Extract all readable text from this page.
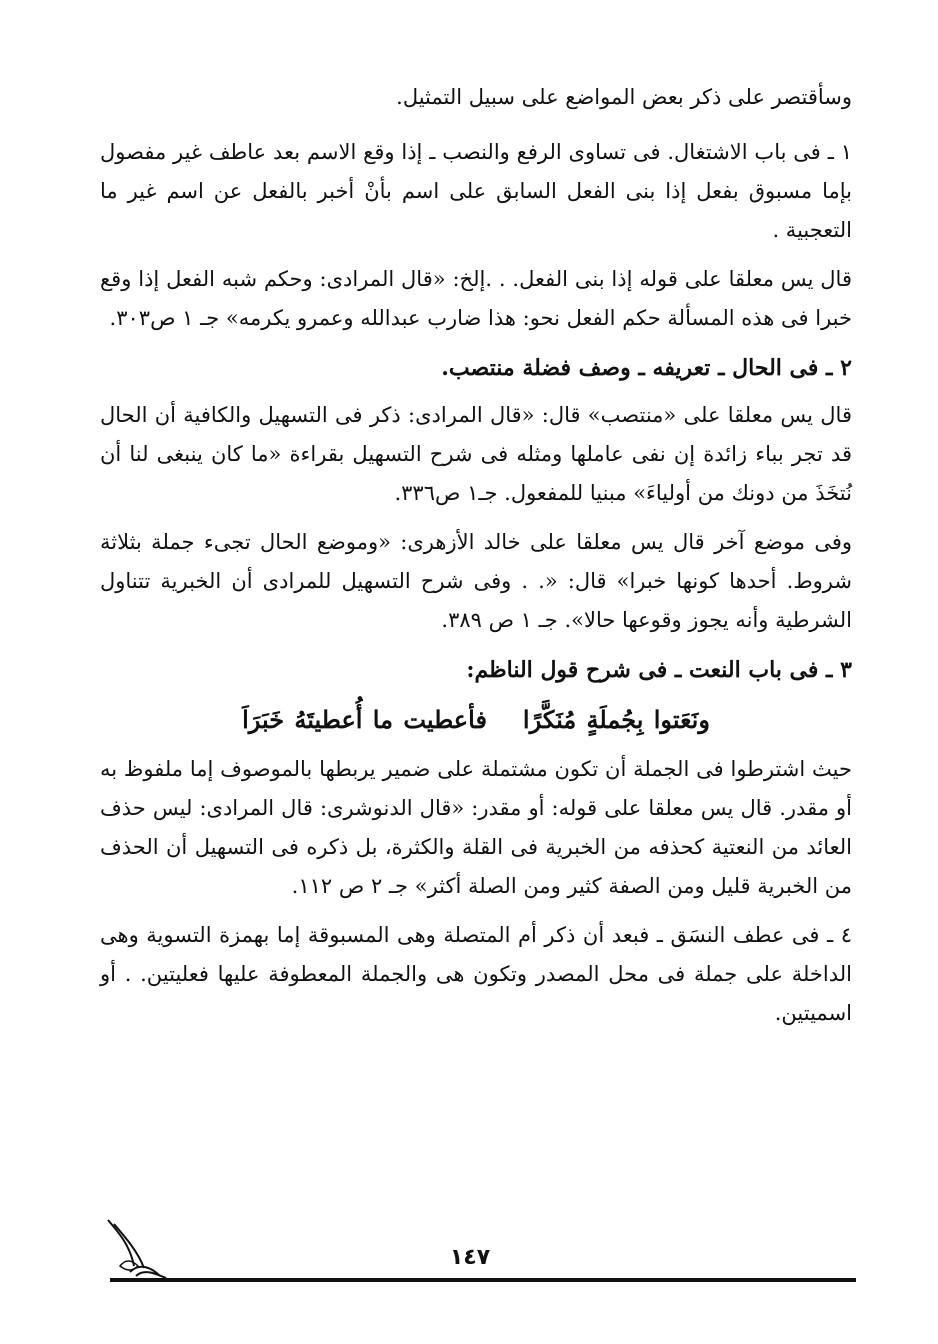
وسأقتصر على ذكر بعض المواضع على سبيل التمثيل.

١ ـ فى باب الاشتغال. فى تساوى الرفع والنصب ـ إذا وقع الاسم بعد عاطف غير مفصول بإما مسبوق بفعل إذا بنى الفعل السابق على اسم بأنْ أخبر بالفعل عن اسم غير ما التعجبية .

قال يس معلقا على قوله إذا بنى الفعل. . .إلخ: «قال المرادى: وحكم شبه الفعل إذا وقع خبرا فى هذه المسألة حكم الفعل نحو: هذا ضارب عبدالله وعمرو يكرمه» جـ ١ ص٣٠٣.

٢ ـ فى الحال ـ تعريفه ـ وصف فضلة منتصب.

قال يس معلقا على «منتصب» قال: «قال المرادى: ذكر فى التسهيل والكافية أن الحال قد تجر بباء زائدة إن نفى عاملها ومثله فى شرح التسهيل بقراءة «ما كان ينبغى لنا أن نُتخَذَ من دونك من أولياءَ» مبنيا للمفعول. جـ١ ص٣٣٦.

وفى موضع آخر قال يس معلقا على خالد الأزهرى: «وموضع الحال تجىء جملة بثلاثة شروط. أحدها كونها خبرا» قال: «. . وفى شرح التسهيل للمرادى أن الخبرية تتناول الشرطية وأنه يجوز وقوعها حالا». جـ ١ ص ٣٨٩.

٣ ـ فى باب النعت ـ فى شرح قول الناظم:

ونَعَتوا بِجُملَةٍ مُنَكَّرًافأعطيت ما أُعطيتَهُ خَبَرَاَ

حيث اشترطوا فى الجملة أن تكون مشتملة على ضمير يربطها بالموصوف إما ملفوظ به أو مقدر. قال يس معلقا على قوله: أو مقدر: «قال الدنوشرى: قال المرادى: ليس حذف العائد من النعتية كحذفه من الخبرية فى القلة والكثرة، بل ذكره فى التسهيل أن الحذف من الخبرية قليل ومن الصفة كثير ومن الصلة أكثر» جـ ٢ ص ١١٢.

٤ ـ فى عطف النسَق ـ فبعد أن ذكر أم المتصلة وهى المسبوقة إما بهمزة التسوية وهى الداخلة على جملة فى محل المصدر وتكون هى والجملة المعطوفة عليها فعليتين. . أو اسميتين.

١٤٧
